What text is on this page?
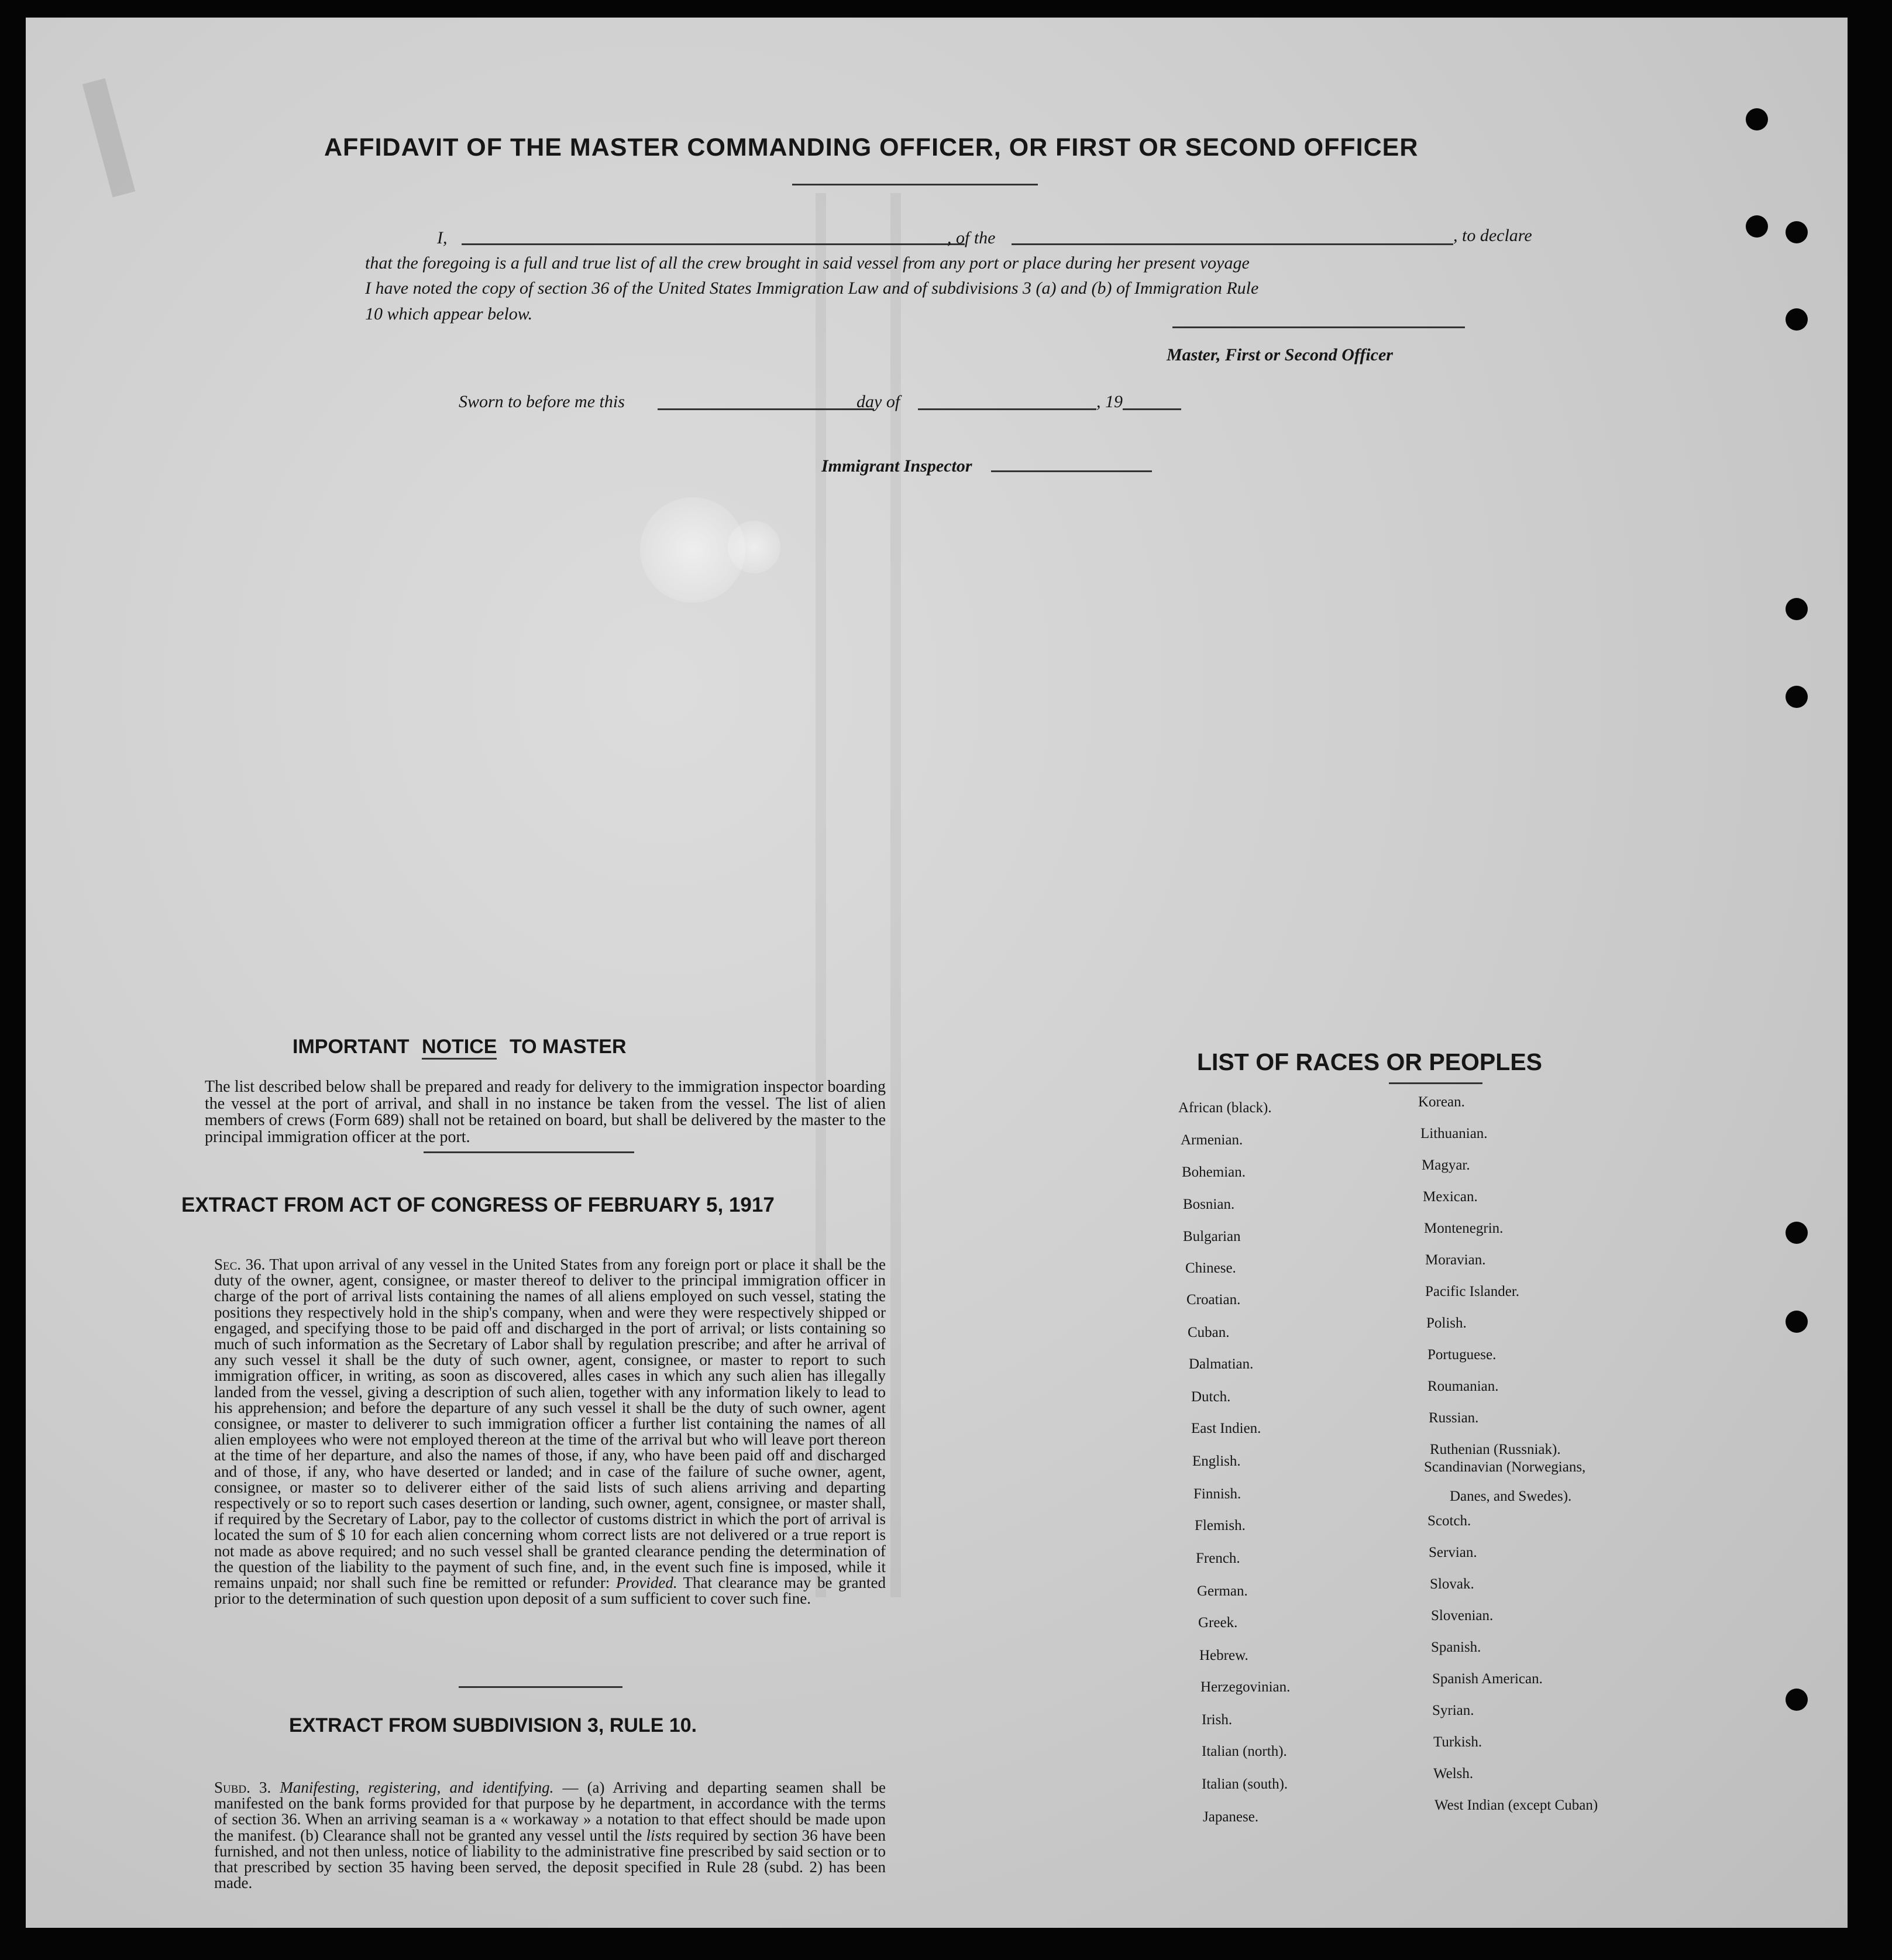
AFFIDAVIT OF THE MASTER COMMANDING OFFICER, OR FIRST OR SECOND OFFICER
I,	, of the	, to declare
that the foregoing is a full and true list of all the crew brought in said vessel from any port or place during her present voyage
I have noted the copy of section 36 of the United States Immigration Law and of subdivisions 3 (a) and (b) of Immigration Rule
10 which appear below.
Master, First or Second Officer
Sworn to before me this	day of	, 19
Immigrant Inspector
IMPORTANT NOTICE TO MASTER
The list described below shall be prepared and ready for delivery to the immigration inspector boarding the vessel at the port of arrival, and shall in no instance be taken from the vessel. The list of alien members of crews (Form 689) shall not be retained on board, but shall be delivered by the master to the principal immigration officer at the port.
EXTRACT FROM ACT OF CONGRESS OF FEBRUARY 5, 1917
Sec. 36. That upon arrival of any vessel in the United States from any foreign port or place it shall be the duty of the owner, agent, consignee, or master thereof to deliver to the principal immigration officer in charge of the port of arrival lists containing the names of all aliens employed on such vessel, stating the positions they respectively hold in the ship's company, when and were they were respectively shipped or engaged, and specifying those to be paid off and discharged in the port of arrival; or lists containing so much of such information as the Secretary of Labor shall by regulation prescribe; and after he arrival of any such vessel it shall be the duty of such owner, agent, consignee, or master to report to such immigration officer, in writing, as soon as discovered, alles cases in which any such alien has illegally landed from the vessel, giving a description of such alien, together with any information likely to lead to his apprehension; and before the departure of any such vessel it shall be the duty of such owner, agent consignee, or master to deliverer to such immigration officer a further list containing the names of all alien employees who were not employed thereon at the time of the arrival but who will leave port thereon at the time of her departure, and also the names of those, if any, who have been paid off and discharged and of those, if any, who have deserted or landed; and in case of the failure of suche owner, agent, consignee, or master so to deliverer either of the said lists of such aliens arriving and departing respectively or so to report such cases desertion or landing, such owner, agent, consignee, or master shall, if required by the Secretary of Labor, pay to the collector of customs district in which the port of arrival is located the sum of $ 10 for each alien concerning whom correct lists are not delivered or a true report is not made as above required; and no such vessel shall be granted clearance pending the determination of the question of the liability to the payment of such fine, and, in the event such fine is imposed, while it remains unpaid; nor shall such fine be remitted or refunder: Provided. That clearance may be granted prior to the determination of such question upon deposit of a sum sufficient to cover such fine.
EXTRACT FROM SUBDIVISION 3, RULE 10.
Subd. 3. Manifesting, registering, and identifying. — (a) Arriving and departing seamen shall be manifested on the bank forms provided for that purpose by he department, in accordance with the terms of section 36. When an arriving seaman is a « workaway » a notation to that effect should be made upon the manifest. (b) Clearance shall not be granted any vessel until the lists required by section 36 have been furnished, and not then unless, notice of liability to the administrative fine prescribed by said section or to that prescribed by section 35 having been served, the deposit specified in Rule 28 (subd. 2) has been made.
LIST OF RACES OR PEOPLES
Danes, and Swedes).
African (black).
Armenian.
Bohemian.
Bosnian.
Bulgarian
Chinese.
Croatian.
Cuban.
Dalmatian.
Dutch.
East Indien.
English.
Finnish.
Flemish.
French.
German.
Greek.
Hebrew.
Herzegovinian.
Irish.
Italian (north).
Italian (south).
Japanese.
Korean.
Lithuanian.
Magyar.
Mexican.
Montenegrin.
Moravian.
Pacific Islander.
Polish.
Portuguese.
Roumanian.
Russian.
Ruthenian (Russniak).
Scandinavian (Norwegians,
Scotch.
Servian.
Slovak.
Slovenian.
Spanish.
Spanish American.
Syrian.
Turkish.
Welsh.
West Indian (except Cuban)
